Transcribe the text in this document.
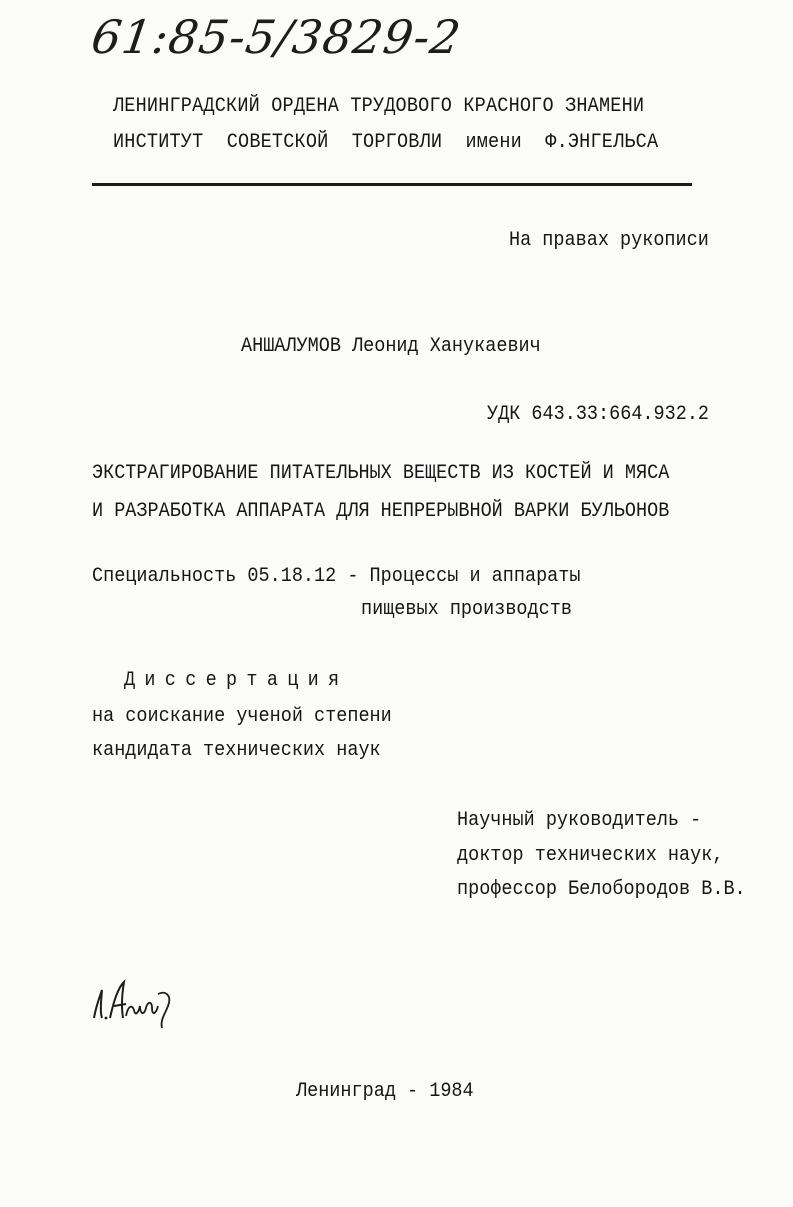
61:85-5/3829-2
ЛЕНИНГРАДСКИЙ ОРДЕНА ТРУДОВОГО КРАСНОГО ЗНАМЕНИ
ИНСТИТУТ СОВЕТСКОЙ ТОРГОВЛИ имени Ф.ЭНГЕЛЬСА
На правах рукописи
АНШАЛУМОВ Леонид Ханукаевич
УДК 643.33:664.932.2
ЭКСТРАГИРОВАНИЕ ПИТАТЕЛЬНЫХ ВЕЩЕСТВ ИЗ КОСТЕЙ И МЯСА
И РАЗРАБОТКА АППАРАТА ДЛЯ НЕПРЕРЫВНОЙ ВАРКИ БУЛЬОНОВ
Специальность 05.18.12 - Процессы и аппараты
пищевых производств
Диссертация
на соискание ученой степени
кандидата технических наук
Научный руководитель -
доктор технических наук,
профессор Белобородов В.В.
Ленинград - 1984
